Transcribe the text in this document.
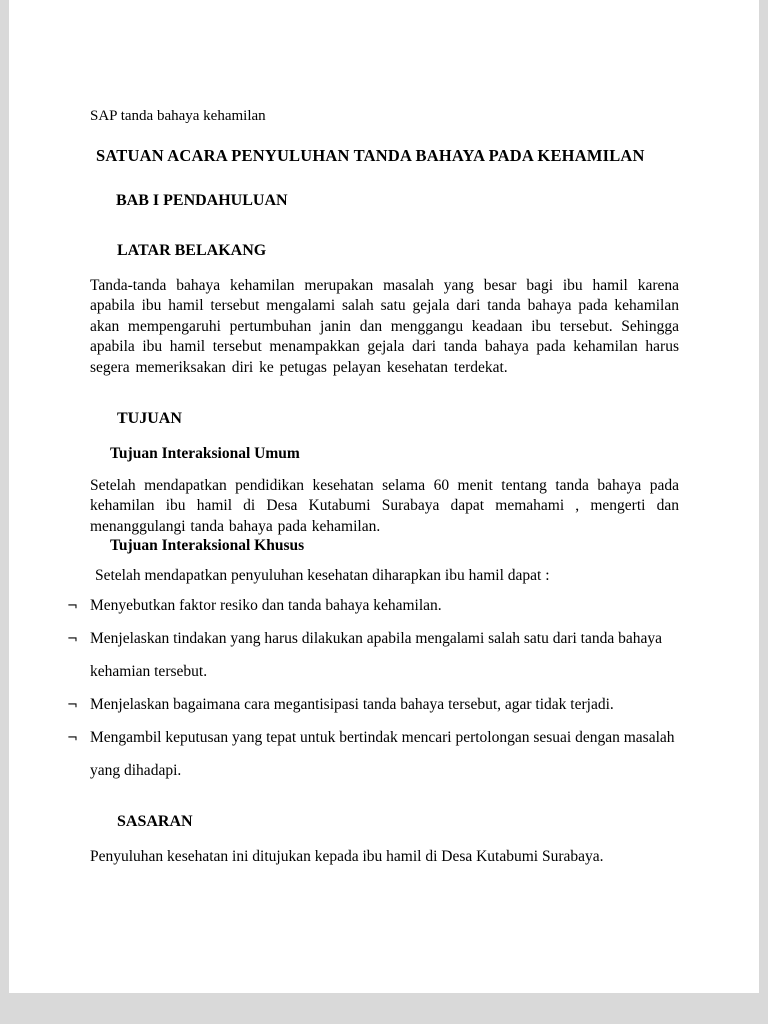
SAP tanda bahaya kehamilan
SATUAN ACARA PENYULUHAN TANDA BAHAYA PADA KEHAMILAN
BAB I PENDAHULUAN
LATAR BELAKANG

Tanda-tanda bahaya kehamilan merupakan masalah yang besar bagi ibu hamil karena apabila ibu hamil tersebut mengalami salah satu gejala dari tanda bahaya pada kehamilan akan mempengaruhi pertumbuhan janin dan menggangu keadaan ibu tersebut. Sehingga apabila ibu hamil tersebut menampakkan gejala dari tanda bahaya pada kehamilan harus segera memeriksakan diri ke petugas pelayan kesehatan terdekat.

TUJUAN
Tujuan Interaksional Umum

Setelah mendapatkan pendidikan kesehatan selama 60 menit tentang tanda bahaya pada kehamilan ibu hamil di Desa Kutabumi Surabaya dapat memahami , mengerti dan menanggulangi tanda bahaya pada kehamilan.

Tujuan Interaksional Khusus
Setelah mendapatkan penyuluhan kesehatan diharapkan ibu hamil dapat :
¬ Menyebutkan faktor resiko dan tanda bahaya kehamilan.
¬ Menjelaskan tindakan yang harus dilakukan apabila mengalami salah satu dari tanda bahaya kehamian tersebut.
¬ Menjelaskan bagaimana cara megantisipasi tanda bahaya tersebut, agar tidak terjadi.
¬ Mengambil keputusan yang tepat untuk bertindak mencari pertolongan sesuai dengan masalah yang dihadapi.
SASARAN

Penyuluhan kesehatan ini ditujukan kepada ibu hamil di Desa Kutabumi Surabaya.
